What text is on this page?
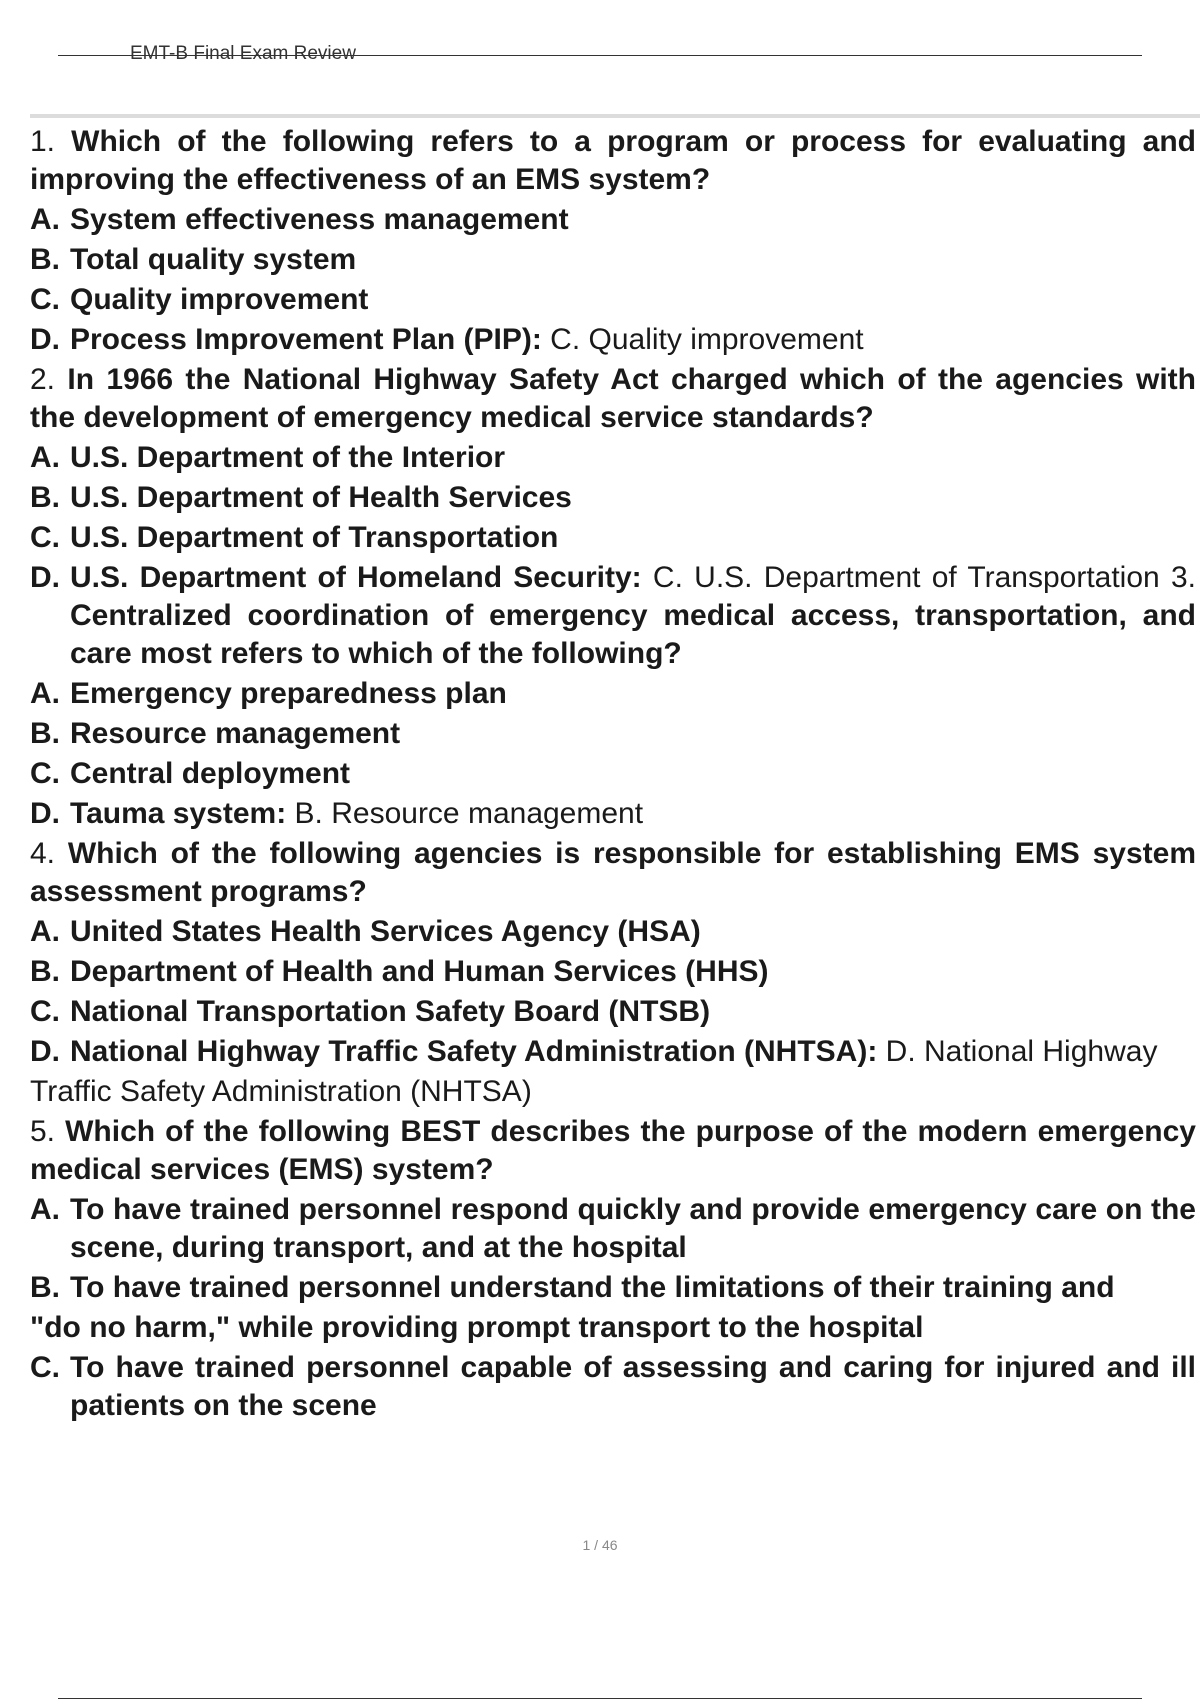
EMT-B Final Exam Review
1. Which of the following refers to a program or process for evaluating and improving the effectiveness of an EMS system?
A. System effectiveness management
B. Total quality system
C. Quality improvement
D. Process Improvement Plan (PIP): C. Quality improvement
2. In 1966 the National Highway Safety Act charged which of the agencies with the development of emergency medical service standards?
A. U.S. Department of the Interior
B. U.S. Department of Health Services
C. U.S. Department of Transportation
D. U.S. Department of Homeland Security: C. U.S. Department of Transportation 3. Centralized coordination of emergency medical access, transportation, and care most refers to which of the following?
A. Emergency preparedness plan
B. Resource management
C. Central deployment
D. Tauma system: B. Resource management
4. Which of the following agencies is responsible for establishing EMS system assessment programs?
A. United States Health Services Agency (HSA)
B. Department of Health and Human Services (HHS)
C. National Transportation Safety Board (NTSB)
D. National Highway Traffic Safety Administration (NHTSA): D. National Highway
Traffic Safety Administration (NHTSA)
5. Which of the following BEST describes the purpose of the modern emergency medical services (EMS) system?
A. To have trained personnel respond quickly and provide emergency care on the scene, during transport, and at the hospital
B. To have trained personnel understand the limitations of their training and
"do no harm," while providing prompt transport to the hospital
C. To have trained personnel capable of assessing and caring for injured and ill patients on the scene
1 / 46
